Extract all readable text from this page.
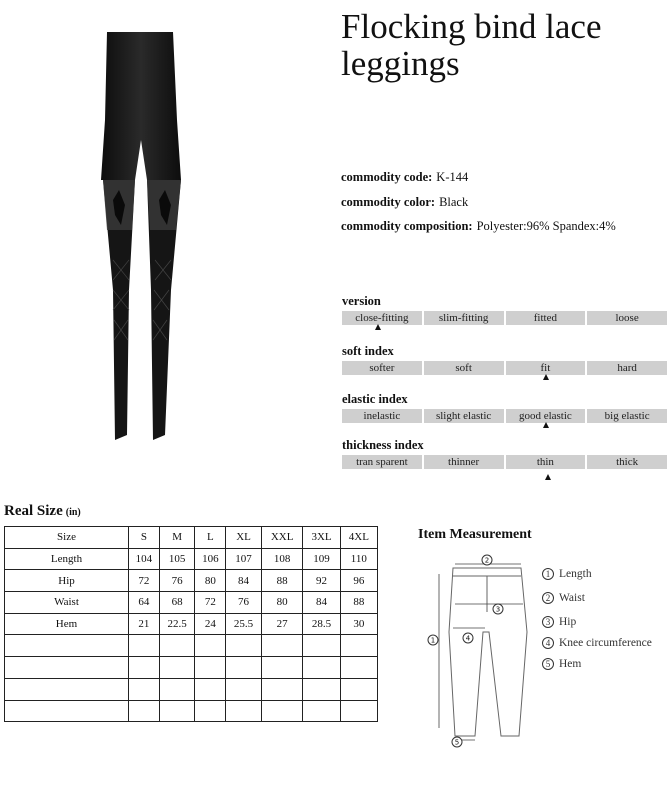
Flocking bind lace leggings
commodity code: K-144
commodity color: Black
commodity composition: Polyester:96% Spandex:4%
version
close-fitting	slim-fitting	fitted	loose
soft index
softer	soft	fit	hard
elastic index
inelastic	slight elastic	good elastic	big elastic
thickness index
tran sparent	thinner	thin	thick
Real Size (in)
Size	S	M	L	XL	XXL	3XL	4XL
Length	104	105	106	107	108	109	110
Hip	72	76	80	84	88	92	96
Waist	64	68	72	76	80	84	88
Hem	21	22.5	24	25.5	27	28.5	30

Item Measurement
2
3
1	4
5
1 Length
2 Waist
3 Hip
4 Knee circumference
5 Hem
